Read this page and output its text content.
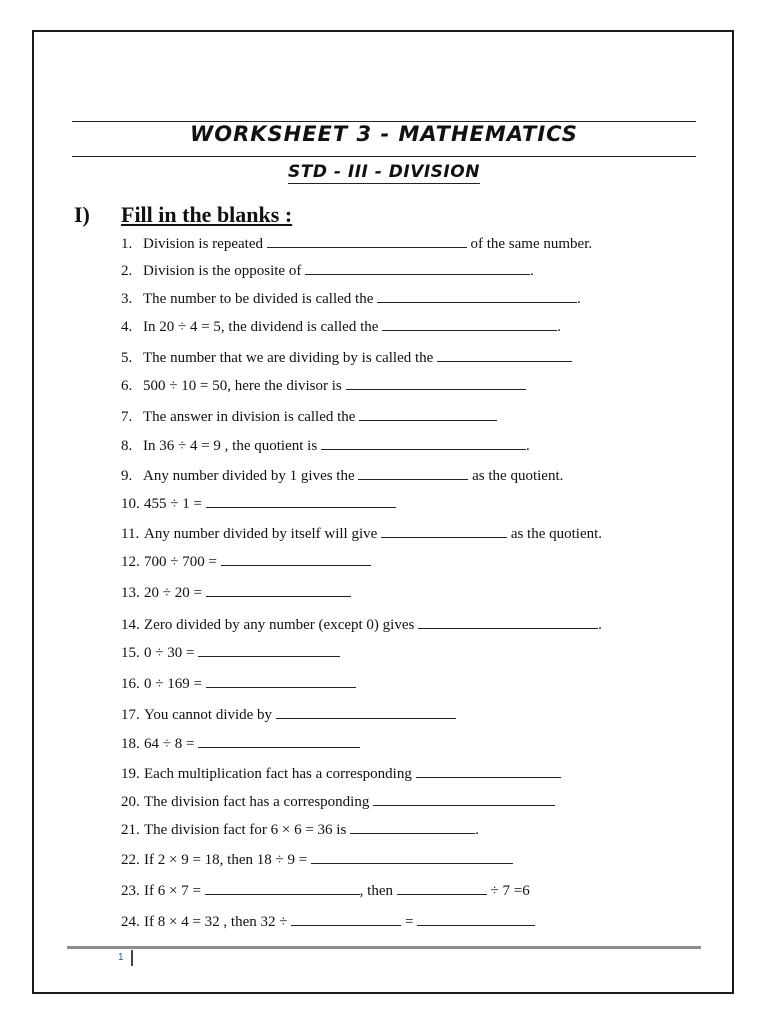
WORKSHEET 3 - MATHEMATICS
STD - III - DIVISION
I) Fill in the blanks :
1. Division is repeated	of the same number.
2. Division is the opposite of	.
3. The number to be divided is called the	.
4. In 20 ÷ 4 = 5, the dividend is called the	.
5. The number that we are dividing by is called the
6. 500 ÷ 10 = 50, here the divisor is
7. The answer in division is called the
8. In 36 ÷ 4 = 9 , the quotient is	.
9. Any number divided by 1 gives the	as the quotient.
10. 455 ÷ 1 =
11. Any number divided by itself will give	as the quotient.
12. 700 ÷ 700 =
13. 20 ÷ 20 =
14. Zero divided by any number (except 0) gives	.
15. 0 ÷ 30 =
16. 0 ÷ 169 =
17. You cannot divide by
18. 64 ÷ 8 =
19. Each multiplication fact has a corresponding
20. The division fact has a corresponding
21. The division fact for 6 × 6 = 36 is	.
22. If 2 × 9 = 18, then 18 ÷ 9 =
23. If 6 × 7 =	, then	÷ 7 =6
24. If 8 × 4 = 32 , then 32 ÷	=
1
